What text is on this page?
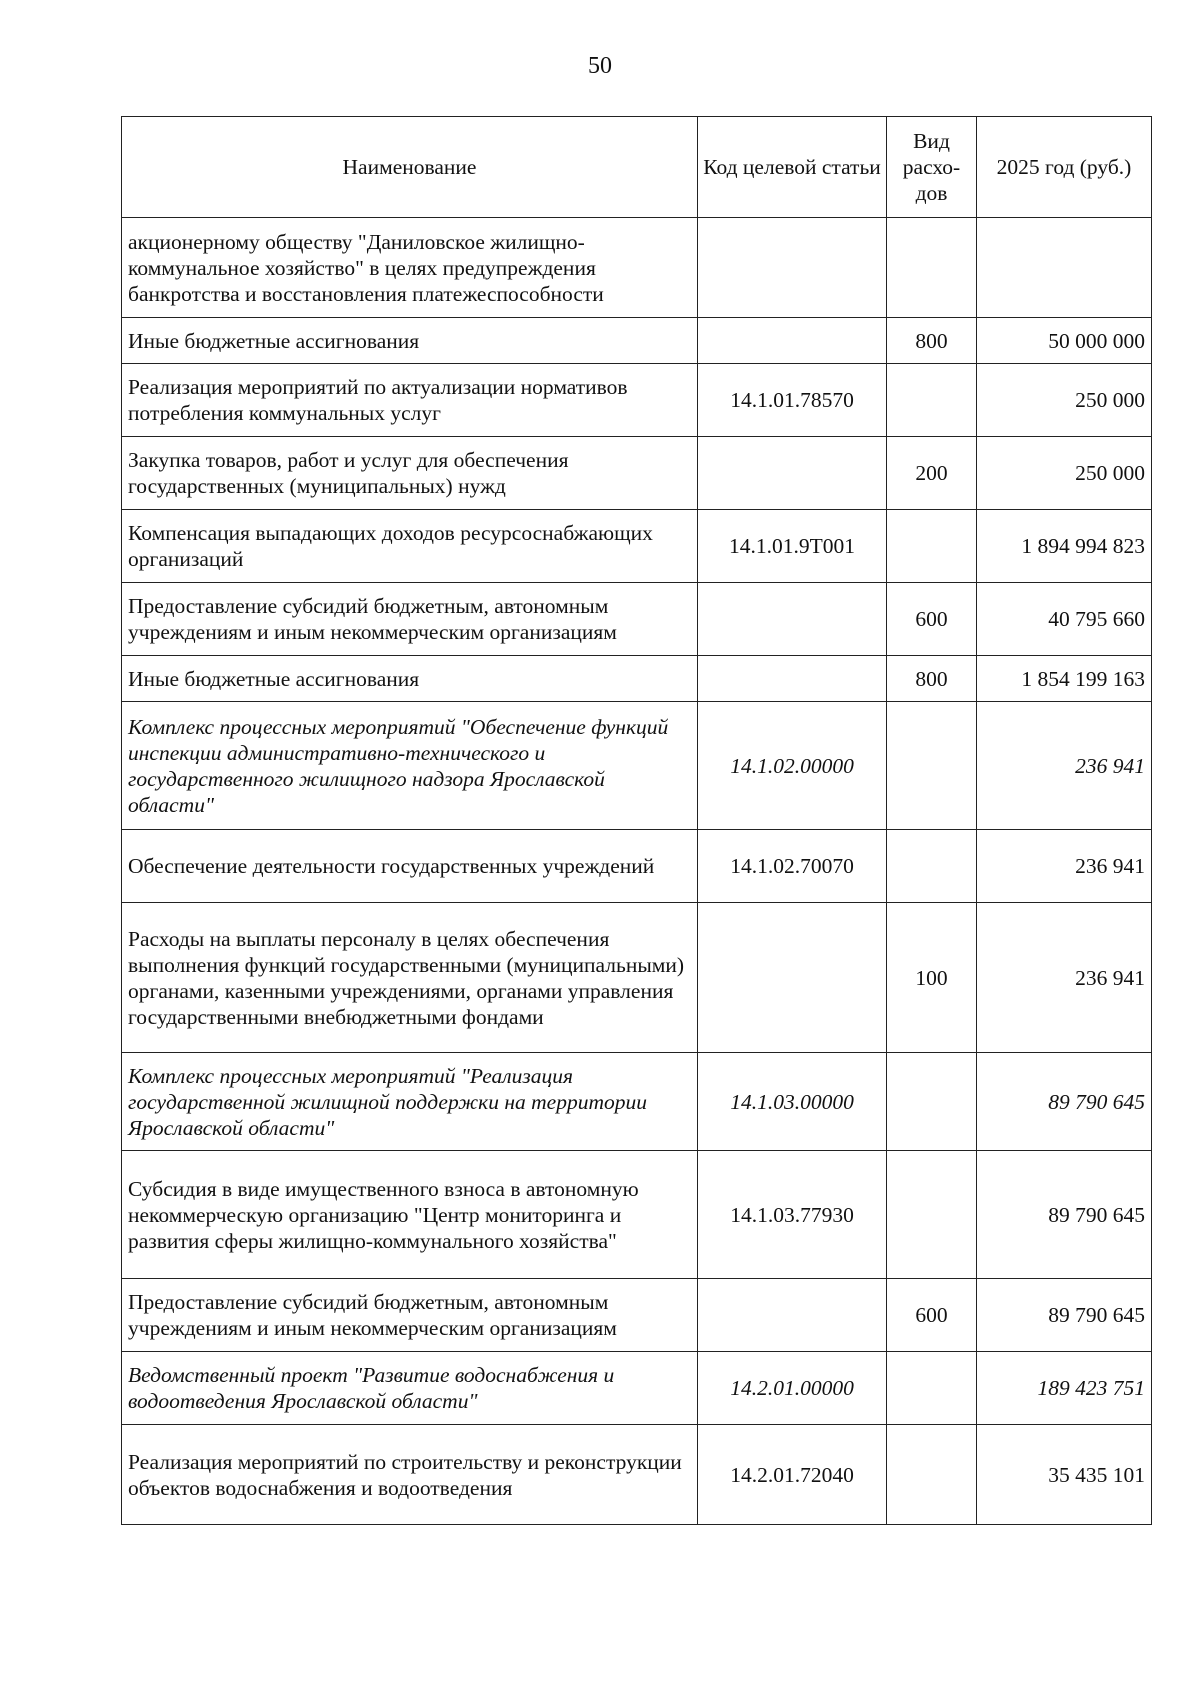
50
Наименование	Код целевой статьи	Вид расхо-дов	2025 год (руб.)
акционерному обществу "Даниловское жилищно-коммунальное хозяйство" в целях предупреждения банкротства и восстановления платежеспособности			
Иные бюджетные ассигнования		800	50 000 000
Реализация мероприятий по актуализации нормативов потребления коммунальных услуг	14.1.01.78570		250 000
Закупка товаров, работ и услуг для обеспечения государственных (муниципальных) нужд		200	250 000
Компенсация выпадающих доходов ресурсоснабжающих организаций	14.1.01.9Т001		1 894 994 823
Предоставление субсидий бюджетным, автономным учреждениям и иным некоммерческим организациям		600	40 795 660
Иные бюджетные ассигнования		800	1 854 199 163
Комплекс процессных мероприятий "Обеспечение функций инспекции административно-технического и государственного жилищного надзора Ярославской области"	14.1.02.00000		236 941
Обеспечение деятельности государственных учреждений	14.1.02.70070		236 941
Расходы на выплаты персоналу в целях обеспечения выполнения функций государственными (муниципальными) органами, казенными учреждениями, органами управления государственными внебюджетными фондами		100	236 941
Комплекс процессных мероприятий "Реализация государственной жилищной поддержки на территории Ярославской области"	14.1.03.00000		89 790 645
Субсидия в виде имущественного взноса в автономную некоммерческую организацию "Центр мониторинга и развития сферы жилищно-коммунального хозяйства"	14.1.03.77930		89 790 645
Предоставление субсидий бюджетным, автономным учреждениям и иным некоммерческим организациям		600	89 790 645
Ведомственный проект "Развитие водоснабжения и водоотведения Ярославской области"	14.2.01.00000		189 423 751
Реализация мероприятий по строительству и реконструкции объектов водоснабжения и водоотведения	14.2.01.72040		35 435 101
